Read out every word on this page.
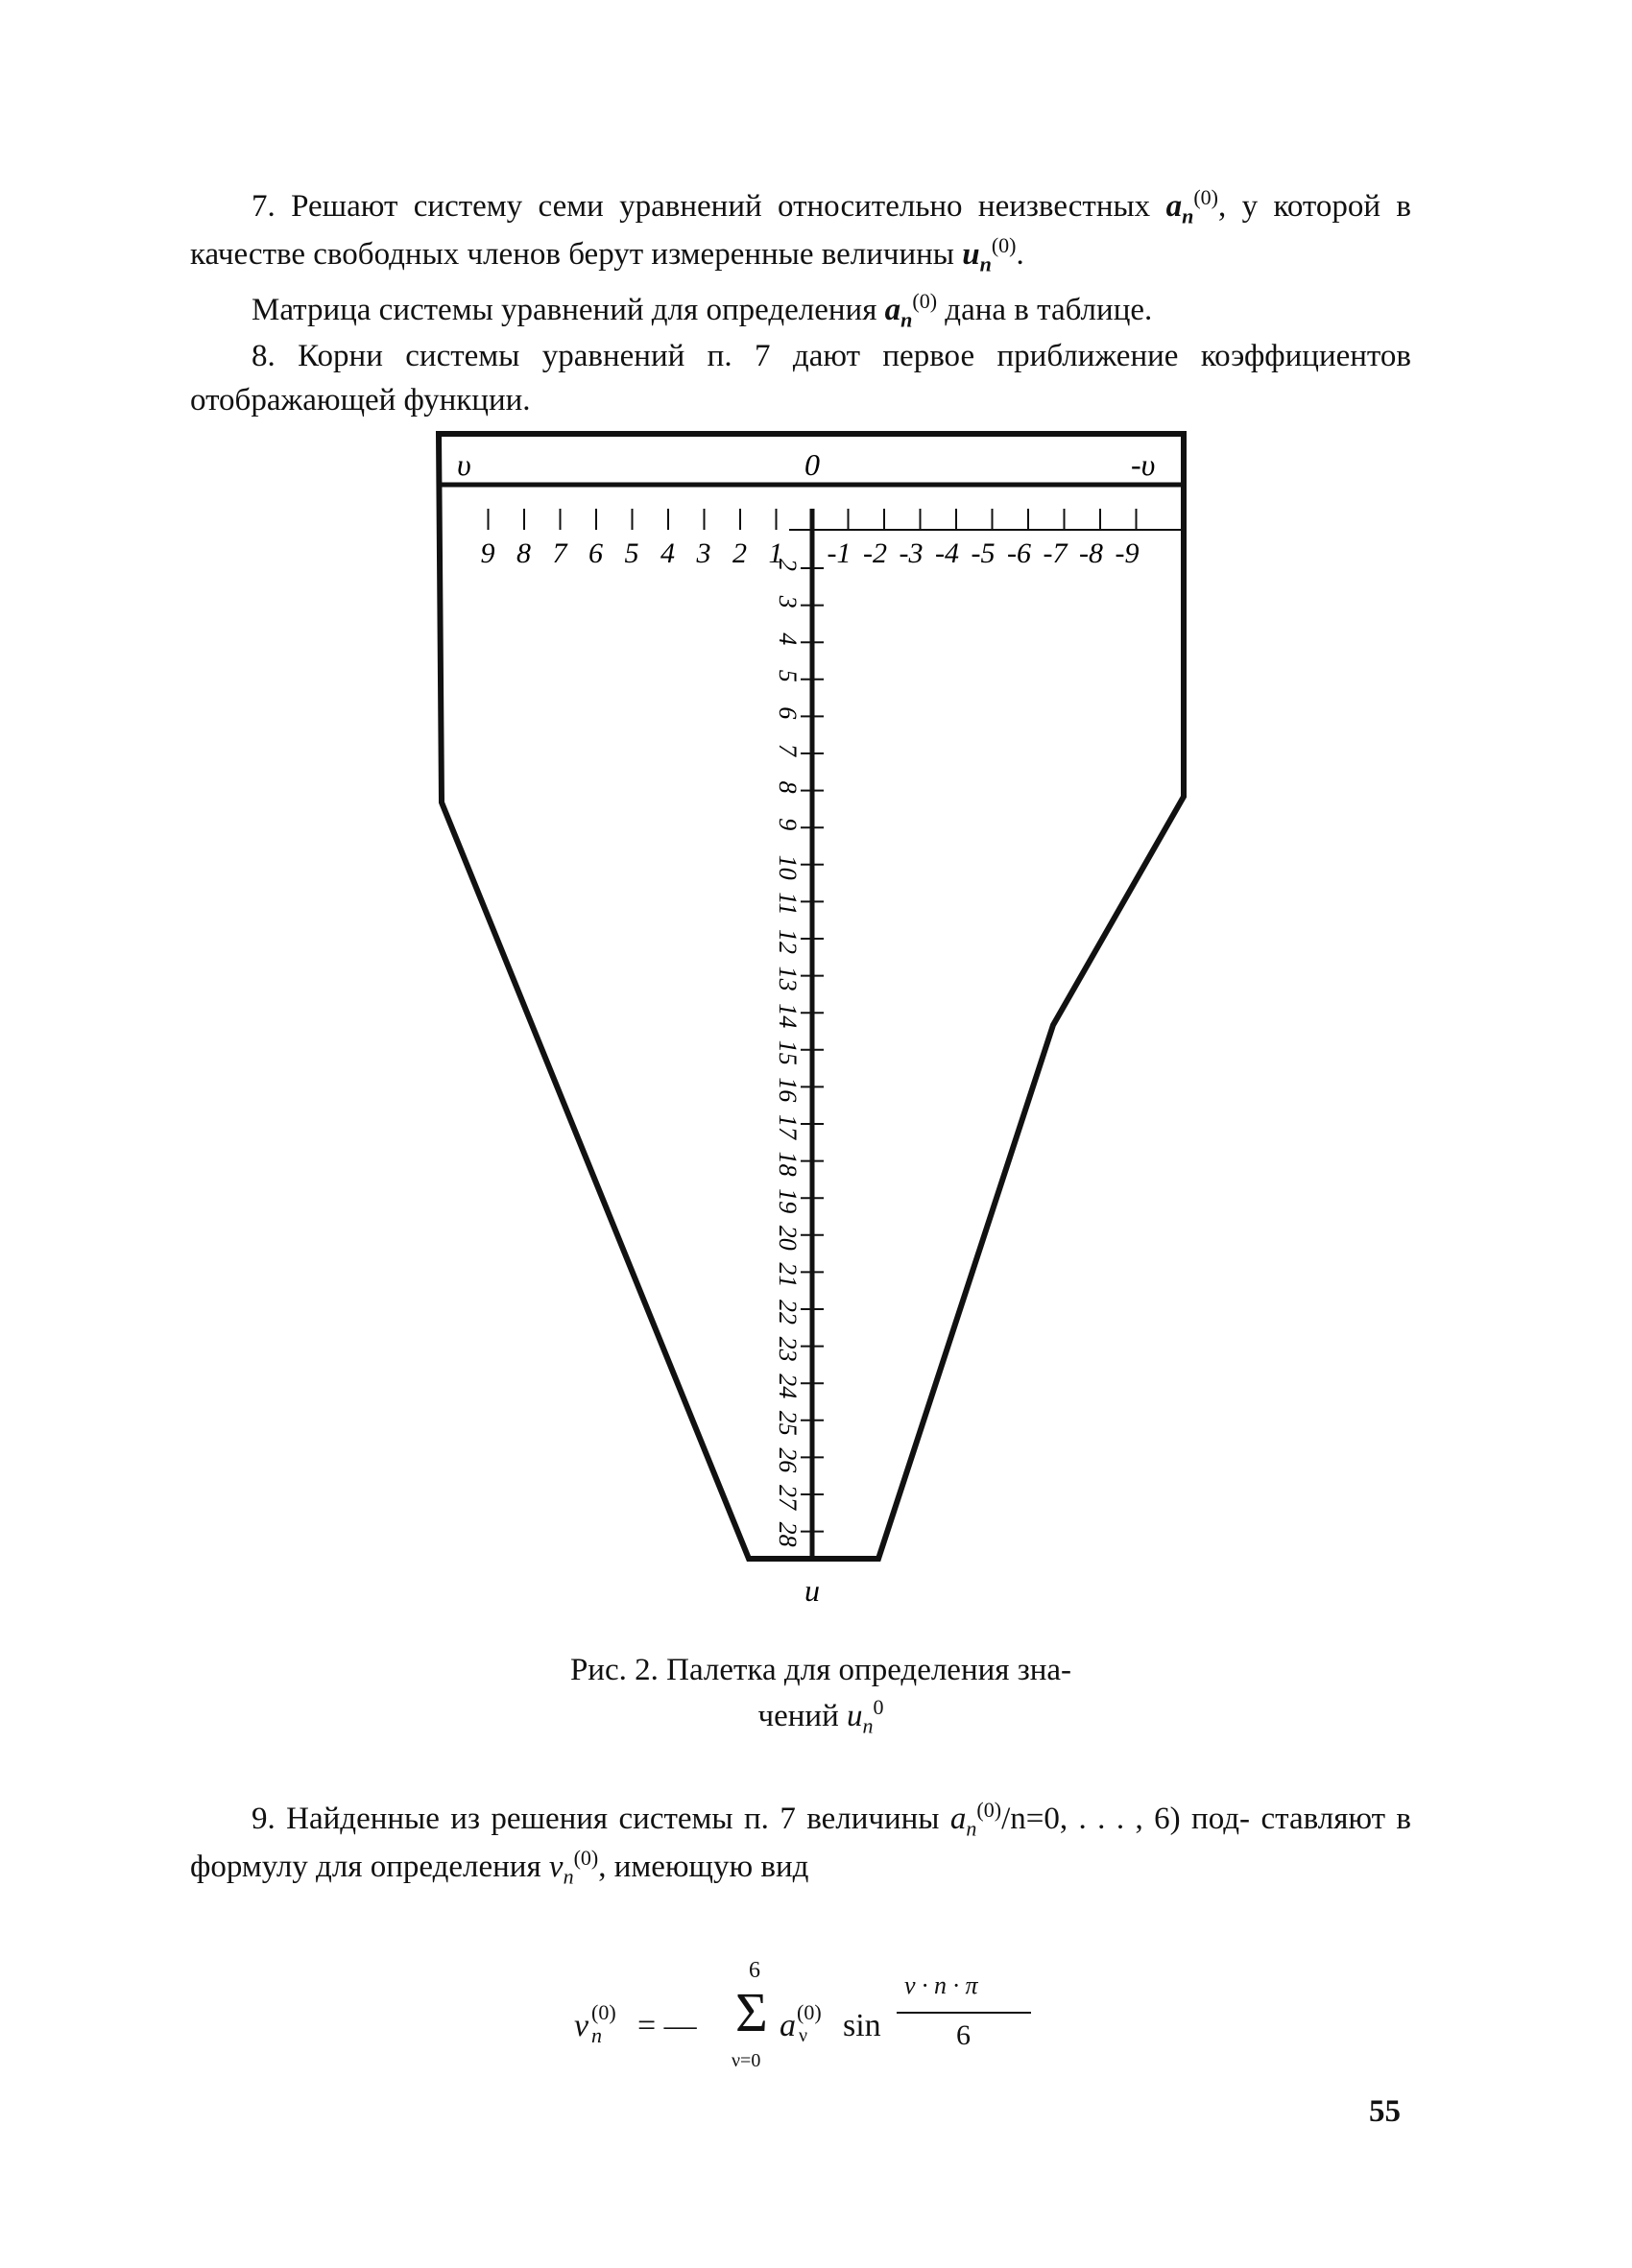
7. Решают систему семи уравнений относительно неизвестных $a_n^{(0)}$, у которой в качестве свободных членов берут измеренные величины $u_n^{(0)}$.

Матрица системы уравнений для определения $a_n^{(0)}$ дана в таблице.

8. Корни системы уравнений п. 7 дают первое приближение коэффициентов отображающей функции.

υ	0	-υ
u
9 8 7 6 5 4 3 2 1 -1 -2 -3 -4 -5 -6 -7 -8 -9
2
3
4
5
6
7
8
9
10
11
12
13
14
15
16
17
18
19
20
21
22
23
24
25
26
27
28

Рис. 2. Палетка для определения зна-
чений $u_n^0$

9. Найденные из решения системы п. 7 величины $a_n^{(0)}/n=0$, . . . , 6) под- ставляют в формулу для определения $v_n^{(0)}$, имеющую вид

v n
(0) = —
6
Σ
ν=0
a (0)
ν sin
ν · n · π
6
55
